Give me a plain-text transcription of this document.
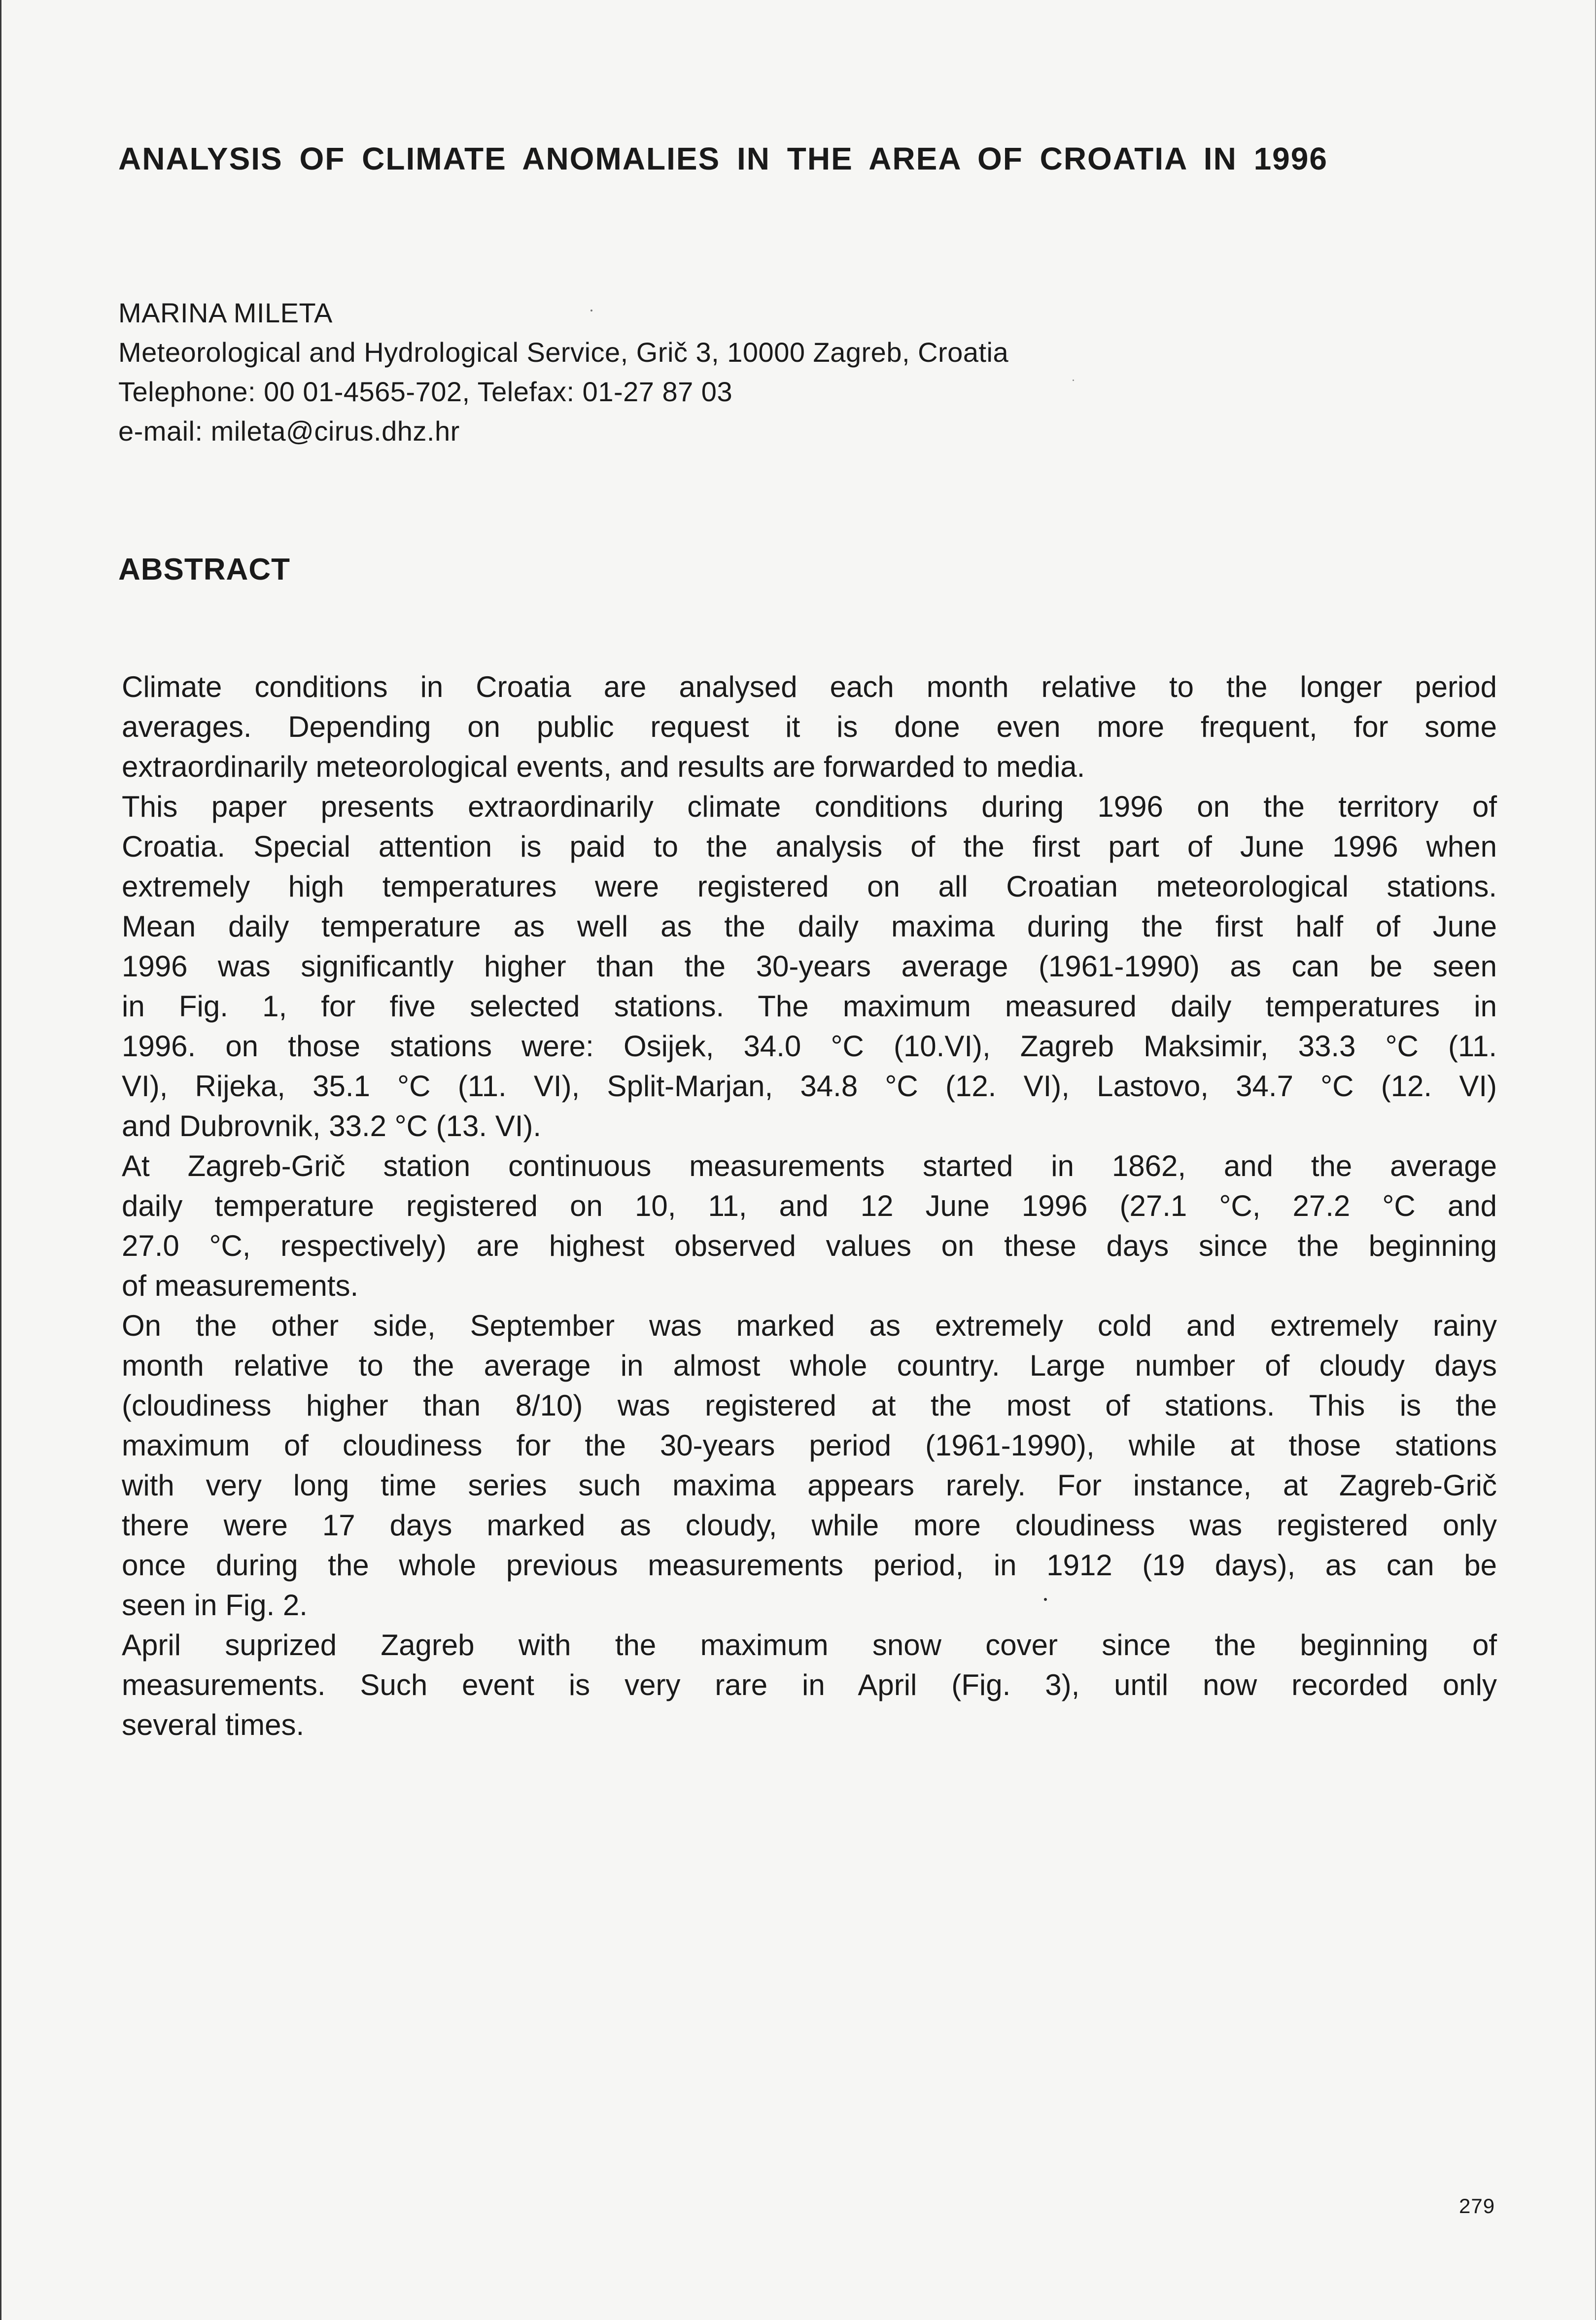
ANALYSIS OF CLIMATE ANOMALIES IN THE AREA OF CROATIA IN 1996
MARINA MILETA
Meteorological and Hydrological Service, Grič 3, 10000 Zagreb, Croatia
Telephone: 00 01-4565-702, Telefax: 01-27 87 03
e-mail: mileta@cirus.dhz.hr
ABSTRACT
Climate conditions in Croatia are analysed each month relative to the longer period
averages. Depending on public request it is done even more frequent, for some
extraordinarily meteorological events, and results are forwarded to media.
This paper presents extraordinarily climate conditions during 1996 on the territory of
Croatia. Special attention is paid to the analysis of the first part of June 1996 when
extremely high temperatures were registered on all Croatian meteorological stations.
Mean daily temperature as well as the daily maxima during the first half of June
1996 was significantly higher than the 30-years average (1961-1990) as can be seen
in Fig. 1, for five selected stations. The maximum measured daily temperatures in
1996. on those stations were: Osijek, 34.0 °C (10.VI), Zagreb Maksimir, 33.3 °C (11.
VI), Rijeka, 35.1 °C (11. VI), Split-Marjan, 34.8 °C (12. VI), Lastovo, 34.7 °C (12. VI)
and Dubrovnik, 33.2 °C (13. VI).
At Zagreb-Grič station continuous measurements started in 1862, and the average
daily temperature registered on 10, 11, and 12 June 1996 (27.1 °C, 27.2 °C and
27.0 °C, respectively) are highest observed values on these days since the beginning
of measurements.
On the other side, September was marked as extremely cold and extremely rainy
month relative to the average in almost whole country. Large number of cloudy days
(cloudiness higher than 8/10) was registered at the most of stations. This is the
maximum of cloudiness for the 30-years period (1961-1990), while at those stations
with very long time series such maxima appears rarely. For instance, at Zagreb-Grič
there were 17 days marked as cloudy, while more cloudiness was registered only
once during the whole previous measurements period, in 1912 (19 days), as can be
seen in Fig. 2.
April suprized Zagreb with the maximum snow cover since the beginning of
measurements. Such event is very rare in April (Fig. 3), until now recorded only
several times.
279
